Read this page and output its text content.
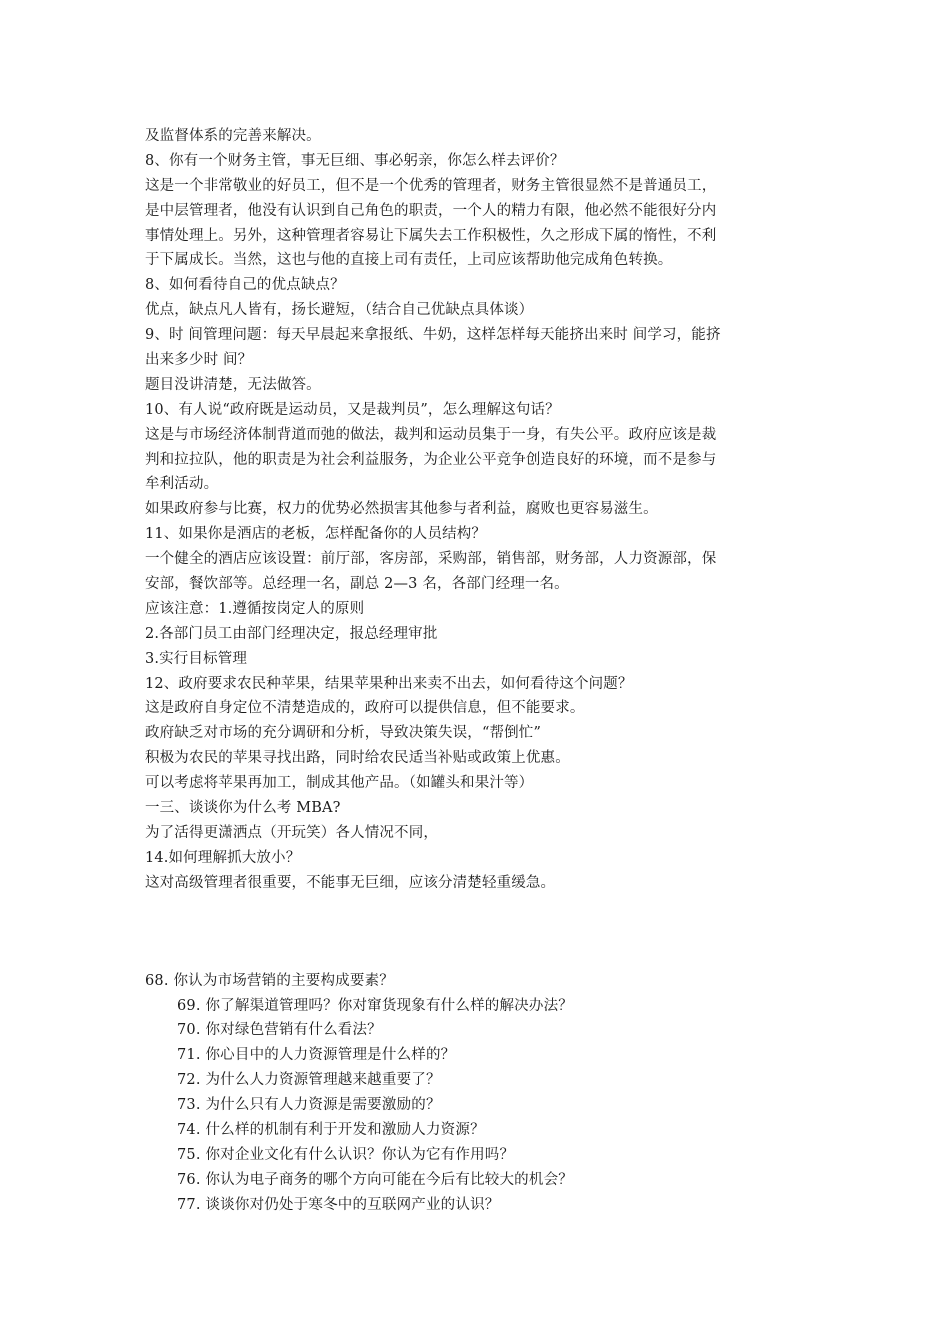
及监督体系的完善来解决。
8、你有一个财务主管，事无巨细、事必躬亲，你怎么样去评价？
这是一个非常敬业的好员工，但不是一个优秀的管理者，财务主管很显然不是普通员工，
是中层管理者，他没有认识到自己角色的职责，一个人的精力有限，他必然不能很好分内
事情处理上。另外，这种管理者容易让下属失去工作积极性，久之形成下属的惰性，不利
于下属成长。当然，这也与他的直接上司有责任，上司应该帮助他完成角色转换。
8、如何看待自己的优点缺点？
优点，缺点凡人皆有，扬长避短，（结合自己优缺点具体谈）
9、时 间管理问题：每天早晨起来拿报纸、牛奶，这样怎样每天能挤出来时 间学习，能挤
出来多少时 间？
题目没讲清楚，无法做答。
10、有人说“政府既是运动员，又是裁判员”，怎么理解这句话？
这是与市场经济体制背道而弛的做法，裁判和运动员集于一身，有失公平。政府应该是裁
判和拉拉队，他的职责是为社会利益服务，为企业公平竞争创造良好的环境，而不是参与
牟利活动。
如果政府参与比赛，权力的优势必然损害其他参与者利益，腐败也更容易滋生。
11、如果你是酒店的老板，怎样配备你的人员结构？
一个健全的酒店应该设置：前厅部，客房部，采购部，销售部，财务部，人力资源部，保
安部，餐饮部等。总经理一名，副总 2—3 名，各部门经理一名。
应该注意：1.遵循按岗定人的原则
2.各部门员工由部门经理决定，报总经理审批
3.实行目标管理
12、政府要求农民种苹果，结果苹果种出来卖不出去，如何看待这个问题？
这是政府自身定位不清楚造成的，政府可以提供信息，但不能要求。
政府缺乏对市场的充分调研和分析，导致决策失误，“帮倒忙”
积极为农民的苹果寻找出路，同时给农民适当补贴或政策上优惠。
可以考虑将苹果再加工，制成其他产品。（如罐头和果汁等）
一三、谈谈你为什么考 MBA?
为了活得更潇洒点（开玩笑）各人情况不同，
14.如何理解抓大放小？
这对高级管理者很重要，不能事无巨细，应该分清楚轻重缓急。
68. 你认为市场营销的主要构成要素？
69. 你了解渠道管理吗？你对窜货现象有什么样的解决办法？
70. 你对绿色营销有什么看法？
71. 你心目中的人力资源管理是什么样的？
72. 为什么人力资源管理越来越重要了？
73. 为什么只有人力资源是需要激励的？
74. 什么样的机制有利于开发和激励人力资源？
75. 你对企业文化有什么认识？你认为它有作用吗？
76. 你认为电子商务的哪个方向可能在今后有比较大的机会？
77. 谈谈你对仍处于寒冬中的互联网产业的认识？
